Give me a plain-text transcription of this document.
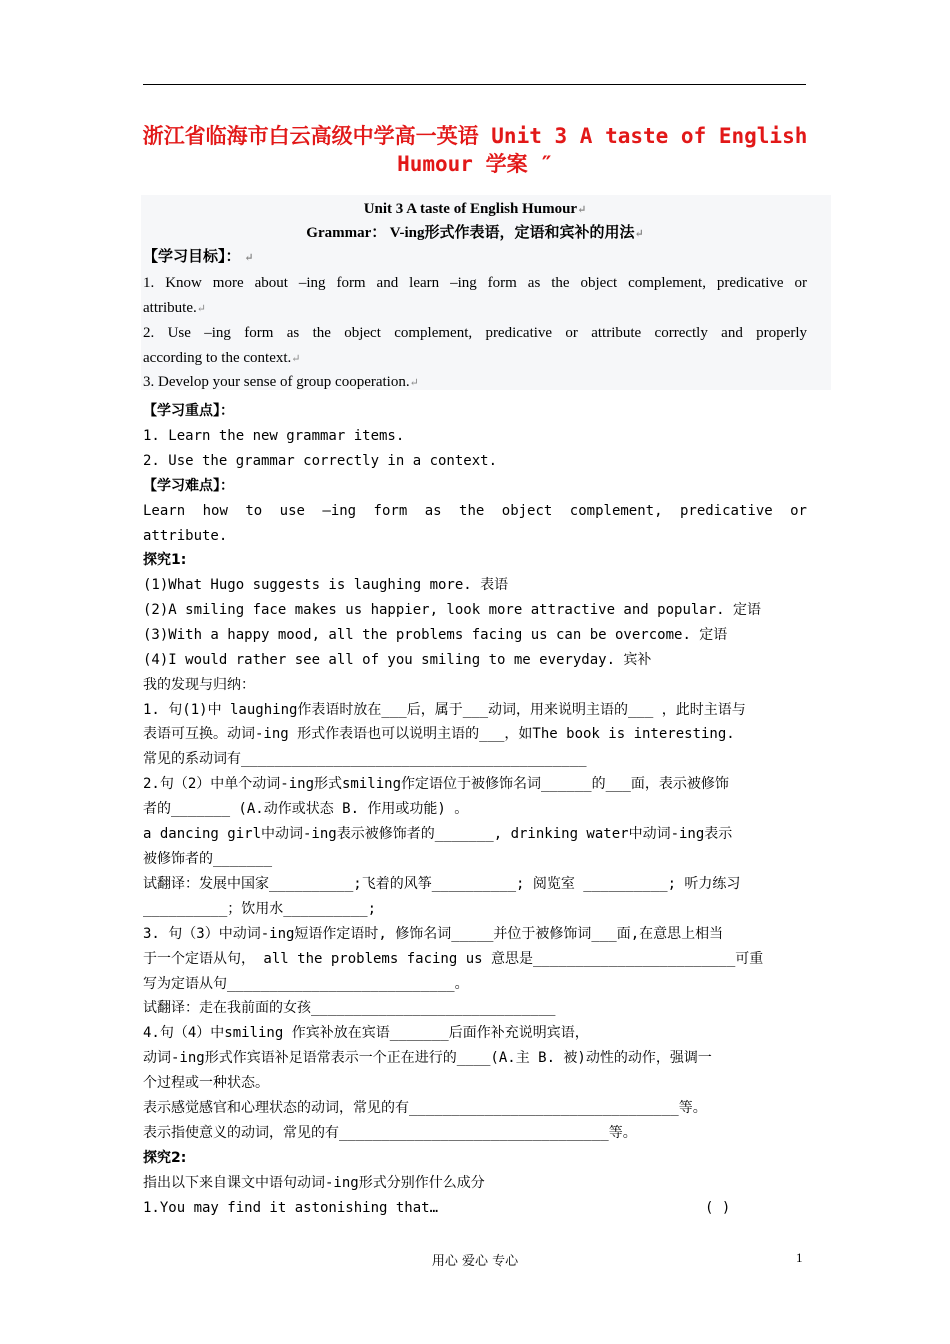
浙江省临海市白云高级中学高一英语 Unit 3 A taste of English
Humour 学案 ″
Unit 3 A taste of English Humour↵
Grammar： V-ing形式作表语，定语和宾补的用法↵
【学习目标】： ↵
1. Know more about –ing form and learn –ing form as the object complement, predicative or
attribute.↵
2. Use –ing form as the object complement, predicative or attribute correctly and properly
according to the context.↵
3. Develop your sense of group cooperation.↵
【学习重点】：
1. Learn the new grammar items.
2. Use the grammar correctly in a context.
【学习难点】：
Learn how to use –ing form as the object complement, predicative or
attribute.
探究1:
(1)What Hugo suggests is laughing more. 表语
(2)A smiling face makes us happier, look more attractive and popular. 定语
(3)With a happy mood, all the problems facing us can be overcome. 定语
(4)I would rather see all of you smiling to me everyday. 宾补
我的发现与归纳：
1. 句(1)中 laughing作表语时放在___后，属于___动词，用来说明主语的___ ，此时主语与
表语可互换。动词-ing 形式作表语也可以说明主语的___，如The book is interesting.
常见的系动词有_________________________________________
2.句（2）中单个动词-ing形式smiling作定语位于被修饰名词______的___面，表示被修饰
者的_______ (A.动作或状态 B. 作用或功能) 。
a dancing girl中动词-ing表示被修饰者的_______, drinking water中动词-ing表示
被修饰者的_______
试翻译：发展中国家__________;飞着的风筝__________; 阅览室 __________; 听力练习
__________；饮用水__________;
3. 句（3）中动词-ing短语作定语时, 修饰名词_____并位于被修饰词___面,在意思上相当
于一个定语从句， all the problems facing us 意思是________________________可重
写为定语从句___________________________。
试翻译：走在我前面的女孩_____________________________
4.句（4）中smiling 作宾补放在宾语_______后面作补充说明宾语，
动词-ing形式作宾语补足语常表示一个正在进行的____(A.主 B. 被)动性的动作，强调一
个过程或一种状态。
表示感觉感官和心理状态的动词，常见的有________________________________等。
表示指使意义的动词，常见的有________________________________等。
探究2:
指出以下来自课文中语句动词-ing形式分别作什么成分
1.You may find it astonishing that…	( )
用心 爱心 专心	1
